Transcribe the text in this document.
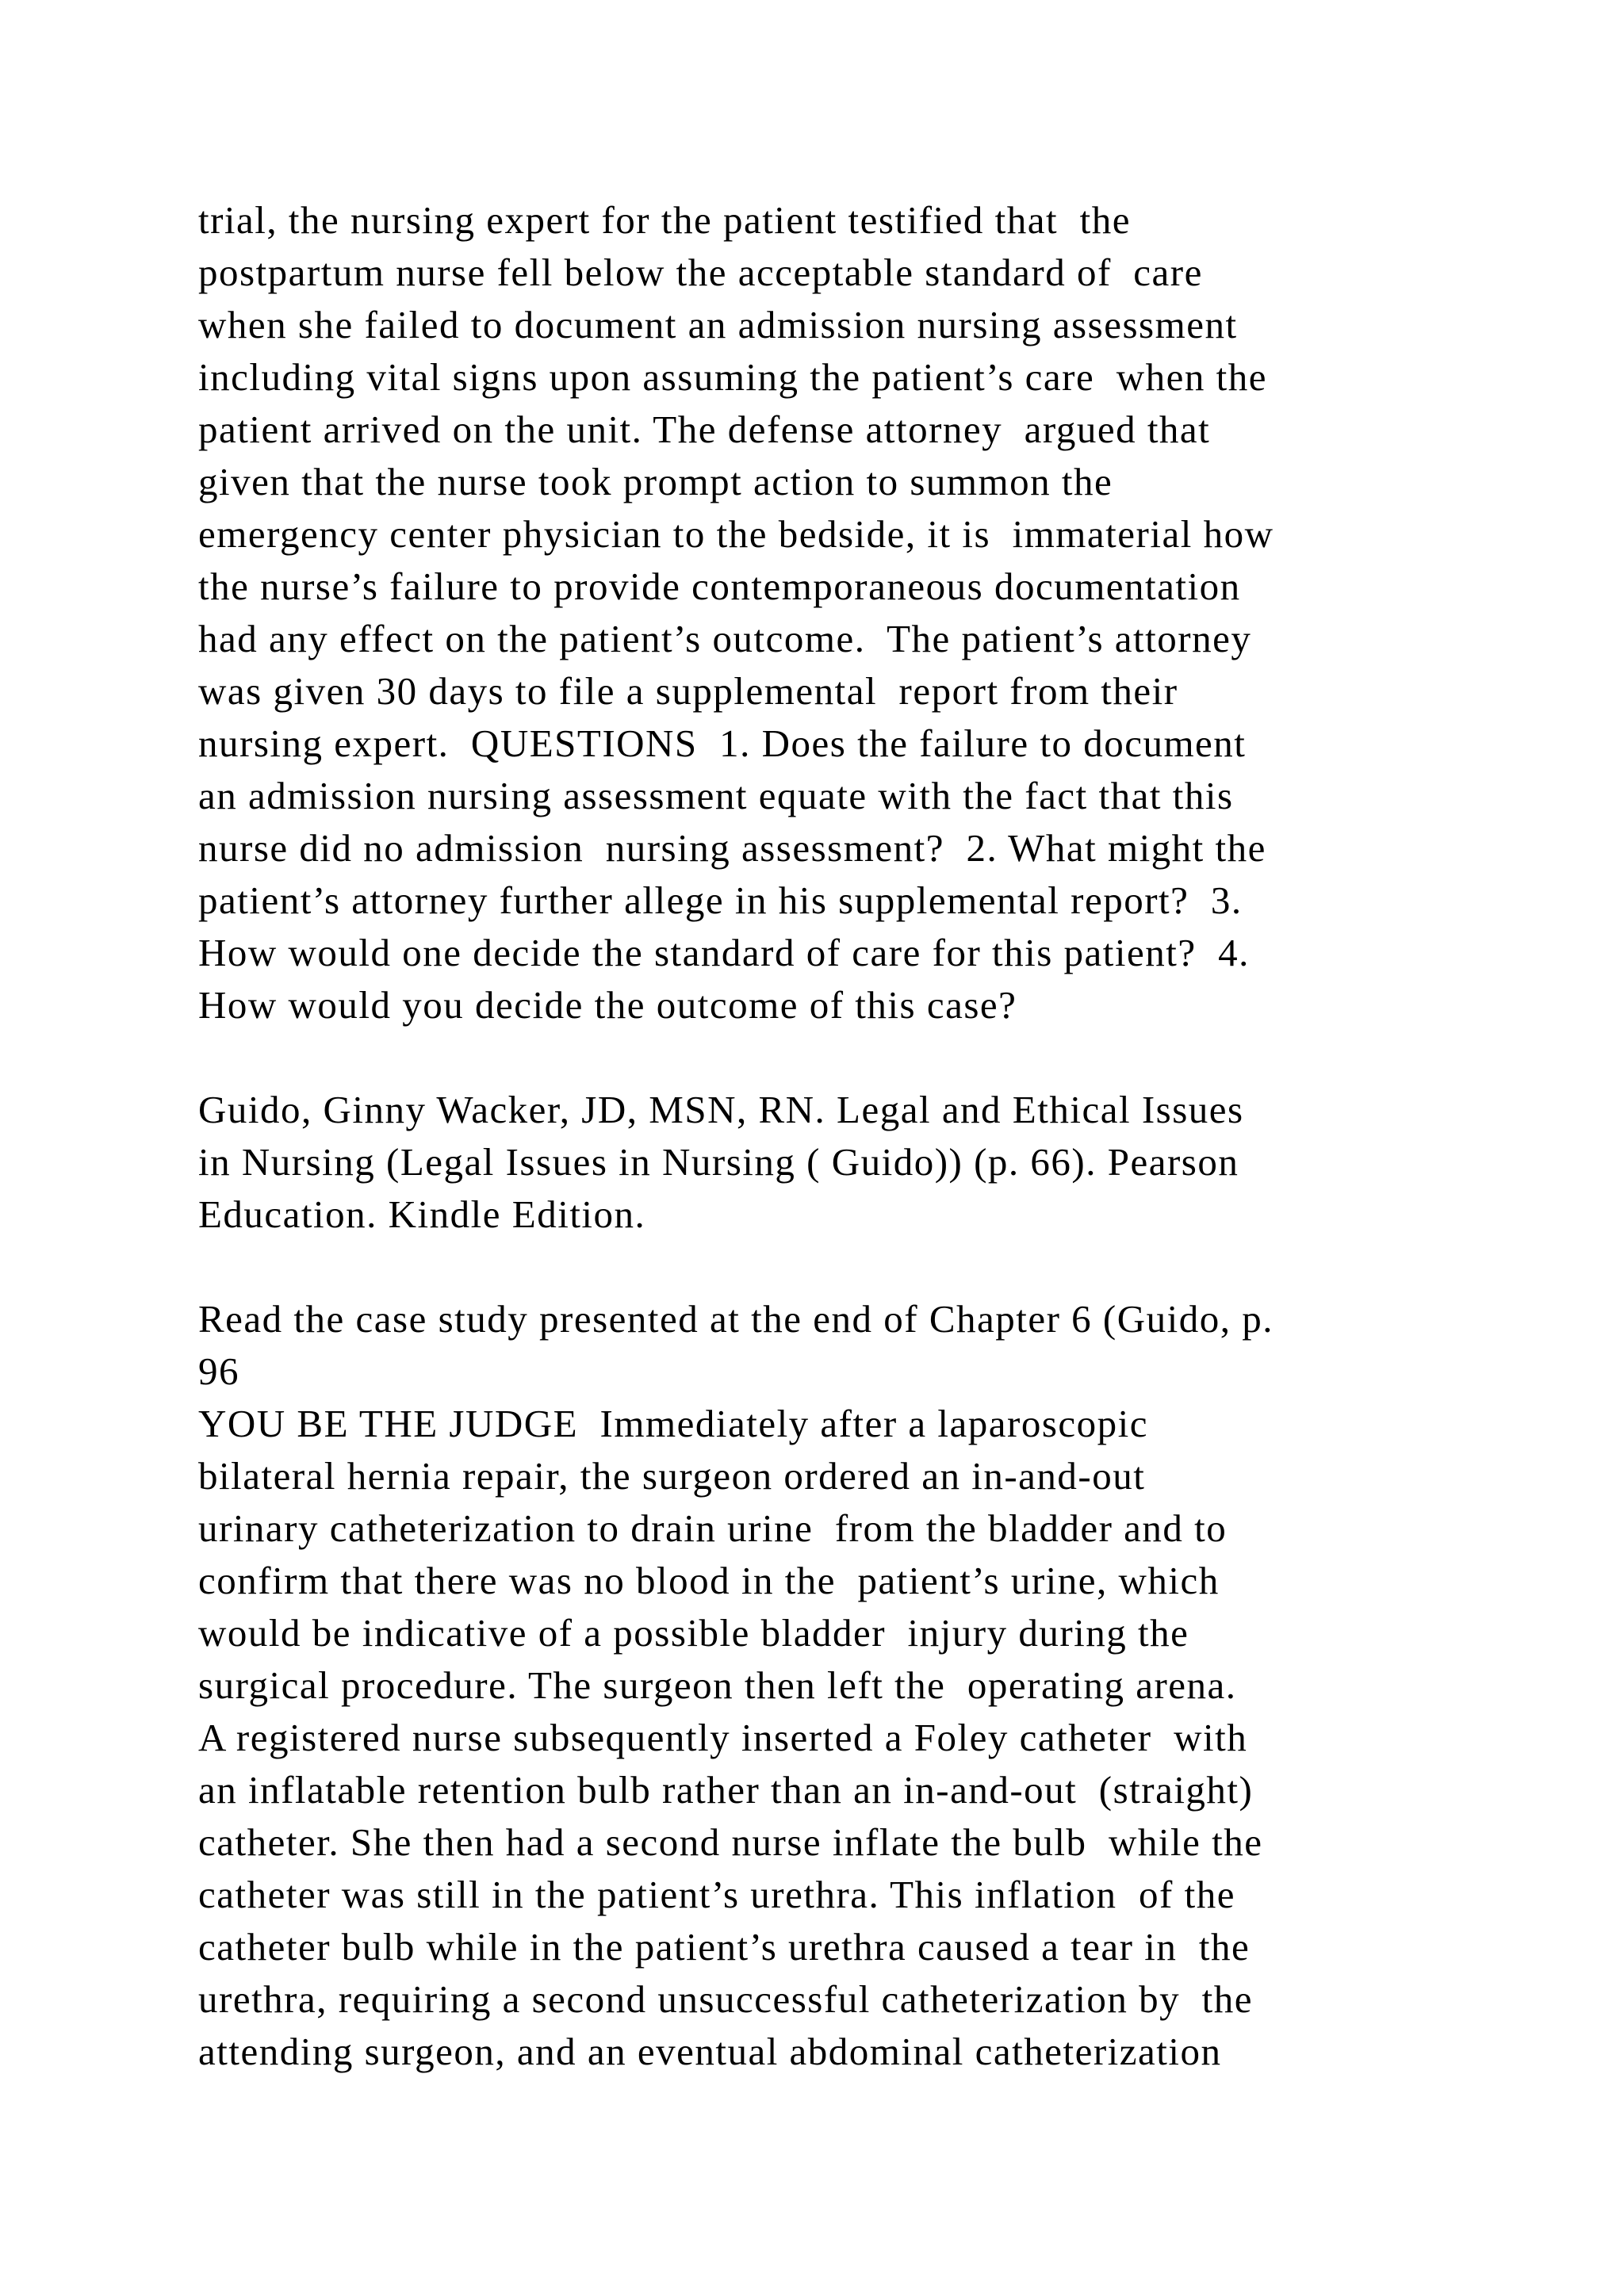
trial, the nursing expert for the patient testified that  the
postpartum nurse fell below the acceptable standard of  care
when she failed to document an admission nursing assessment
including vital signs upon assuming the patient’s care  when the
patient arrived on the unit. The defense attorney  argued that
given that the nurse took prompt action to summon the
emergency center physician to the bedside, it is  immaterial how
the nurse’s failure to provide contemporaneous documentation
had any effect on the patient’s outcome.  The patient’s attorney
was given 30 days to file a supplemental  report from their
nursing expert.  QUESTIONS  1. Does the failure to document
an admission nursing assessment equate with the fact that this
nurse did no admission  nursing assessment?  2. What might the
patient’s attorney further allege in his supplemental report?  3.
How would one decide the standard of care for this patient?  4.
How would you decide the outcome of this case?
Guido, Ginny Wacker, JD, MSN, RN. Legal and Ethical Issues
in Nursing (Legal Issues in Nursing ( Guido)) (p. 66). Pearson
Education. Kindle Edition.
Read the case study presented at the end of Chapter 6 (Guido, p.
96
YOU BE THE JUDGE  Immediately after a laparoscopic
bilateral hernia repair, the surgeon ordered an in-and-out
urinary catheterization to drain urine  from the bladder and to
confirm that there was no blood in the  patient’s urine, which
would be indicative of a possible bladder  injury during the
surgical procedure. The surgeon then left the  operating arena.
A registered nurse subsequently inserted a Foley catheter  with
an inflatable retention bulb rather than an in-and-out  (straight)
catheter. She then had a second nurse inflate the bulb  while the
catheter was still in the patient’s urethra. This inflation  of the
catheter bulb while in the patient’s urethra caused a tear in  the
urethra, requiring a second unsuccessful catheterization by  the
attending surgeon, and an eventual abdominal catheterization
